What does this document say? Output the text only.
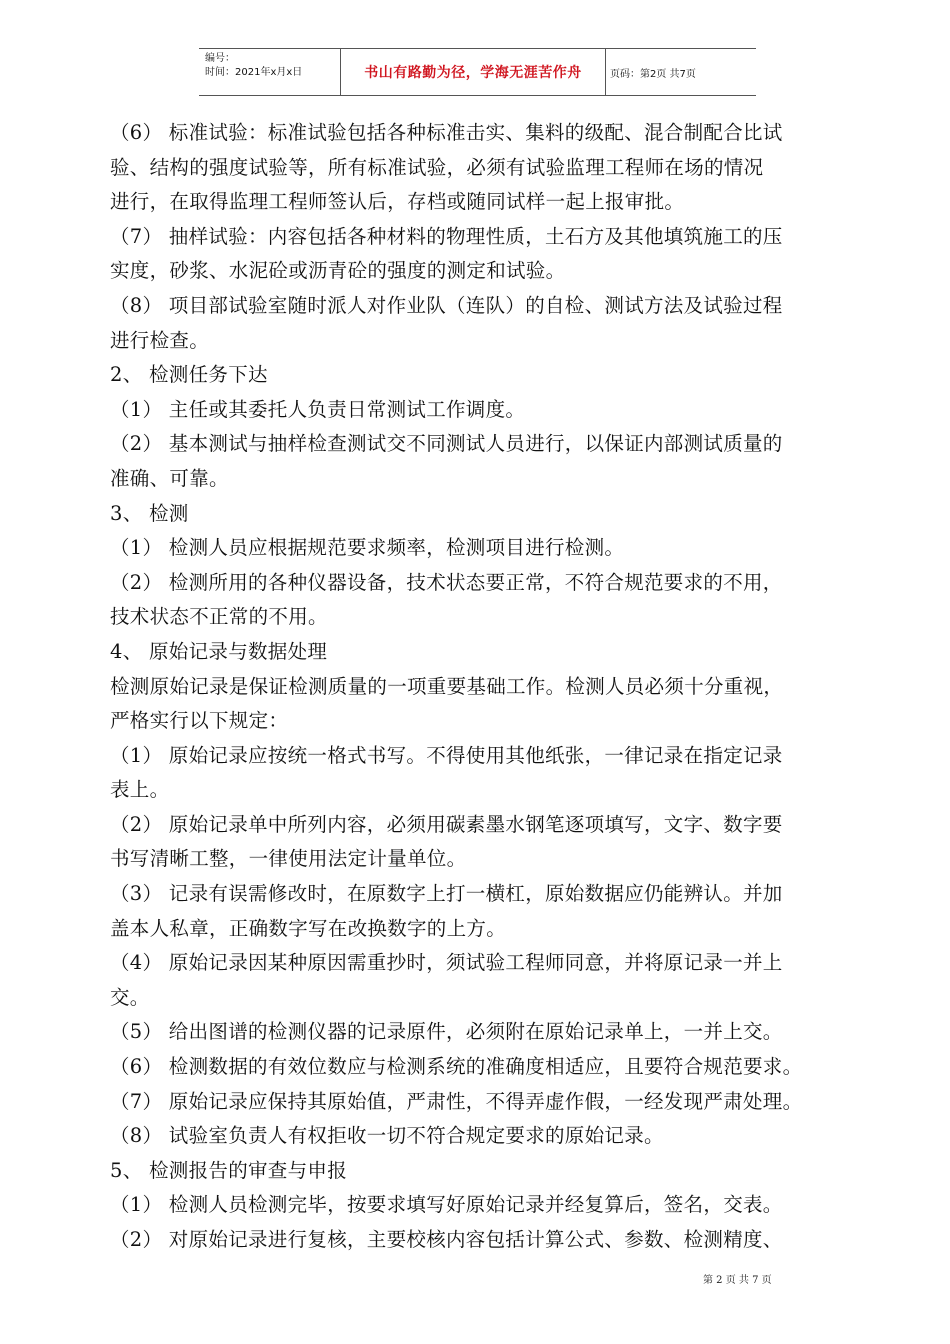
编号：
时间：2021年x月x日	书山有路勤为径，学海无涯苦作舟	页码：第2页 共7页
（6） 标准试验：标准试验包括各种标准击实、集料的级配、混合制配合比试
验、结构的强度试验等，所有标准试验，必须有试验监理工程师在场的情况
进行，在取得监理工程师签认后，存档或随同试样一起上报审批。
（7） 抽样试验：内容包括各种材料的物理性质，土石方及其他填筑施工的压
实度，砂浆、水泥砼或沥青砼的强度的测定和试验。
（8） 项目部试验室随时派人对作业队（连队）的自检、测试方法及试验过程
进行检查。
2、 检测任务下达
（1） 主任或其委托人负责日常测试工作调度。
（2） 基本测试与抽样检查测试交不同测试人员进行，以保证内部测试质量的
准确、可靠。
3、 检测
（1） 检测人员应根据规范要求频率，检测项目进行检测。
（2） 检测所用的各种仪器设备，技术状态要正常，不符合规范要求的不用，
技术状态不正常的不用。
4、 原始记录与数据处理
检测原始记录是保证检测质量的一项重要基础工作。检测人员必须十分重视，
严格实行以下规定：
（1） 原始记录应按统一格式书写。不得使用其他纸张，一律记录在指定记录
表上。
（2） 原始记录单中所列内容，必须用碳素墨水钢笔逐项填写，文字、数字要
书写清晰工整，一律使用法定计量单位。
（3） 记录有误需修改时，在原数字上打一横杠，原始数据应仍能辨认。并加
盖本人私章，正确数字写在改换数字的上方。
（4） 原始记录因某种原因需重抄时，须试验工程师同意，并将原记录一并上
交。
（5） 给出图谱的检测仪器的记录原件，必须附在原始记录单上，一并上交。
（6） 检测数据的有效位数应与检测系统的准确度相适应，且要符合规范要求。
（7） 原始记录应保持其原始值，严肃性，不得弄虚作假，一经发现严肃处理。
（8） 试验室负责人有权拒收一切不符合规定要求的原始记录。
5、 检测报告的审查与申报
（1） 检测人员检测完毕，按要求填写好原始记录并经复算后，签名，交表。
（2） 对原始记录进行复核，主要校核内容包括计算公式、参数、检测精度、
第 2 页 共 7 页
